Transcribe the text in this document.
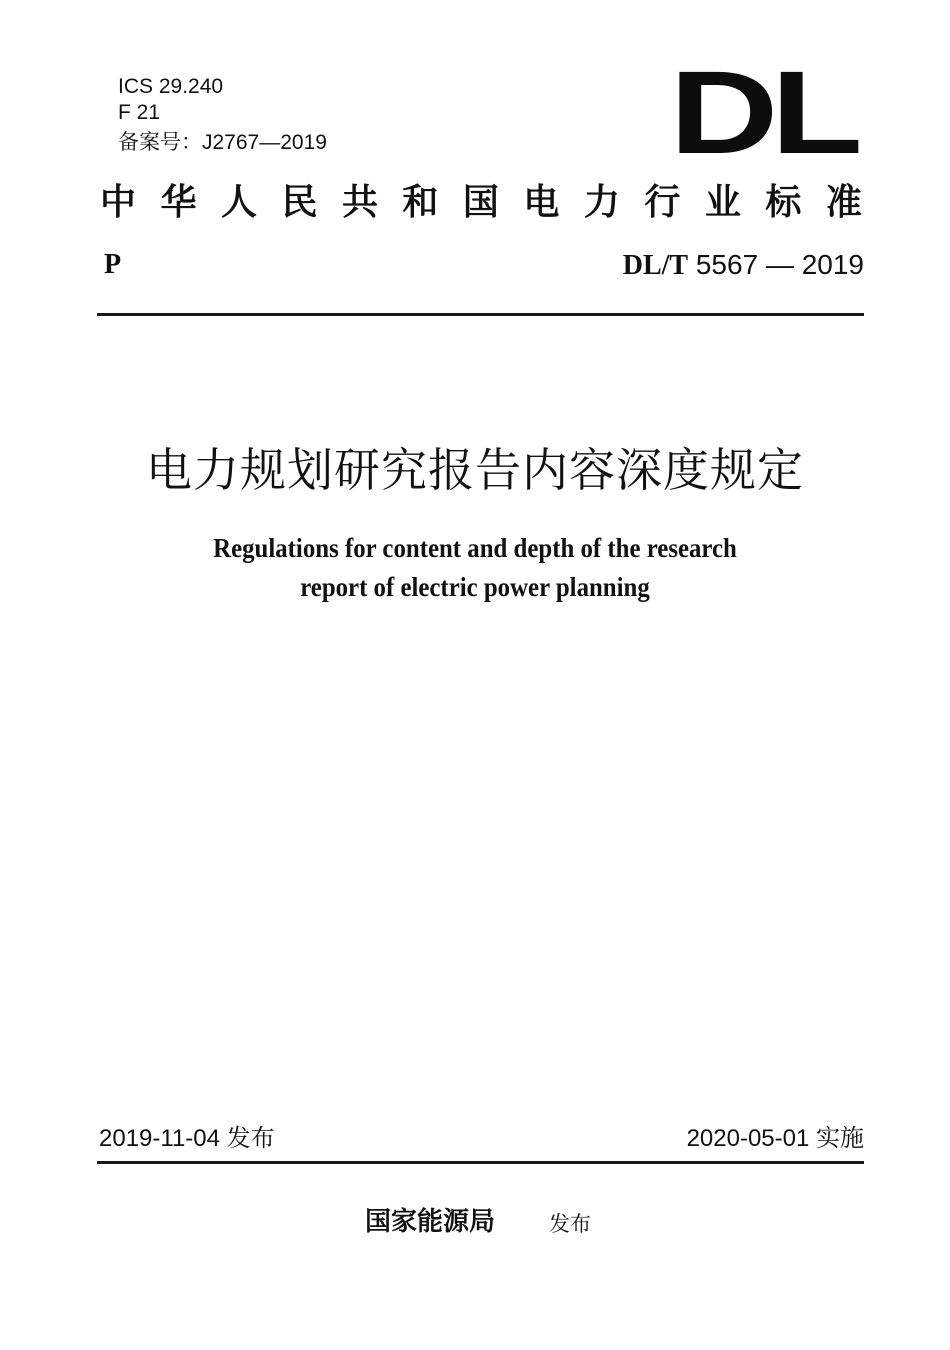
ICS 29.240
F 21
备案号：J2767—2019	DL
中 华 人 民 共 和 国 电 力 行 业 标 准
P	DL/T 5567 — 2019
电力规划研究报告内容深度规定
Regulations for content and depth of the research
report of electric power planning
2019-11-04 发布	2020-05-01 实施
国家能源局	发布
